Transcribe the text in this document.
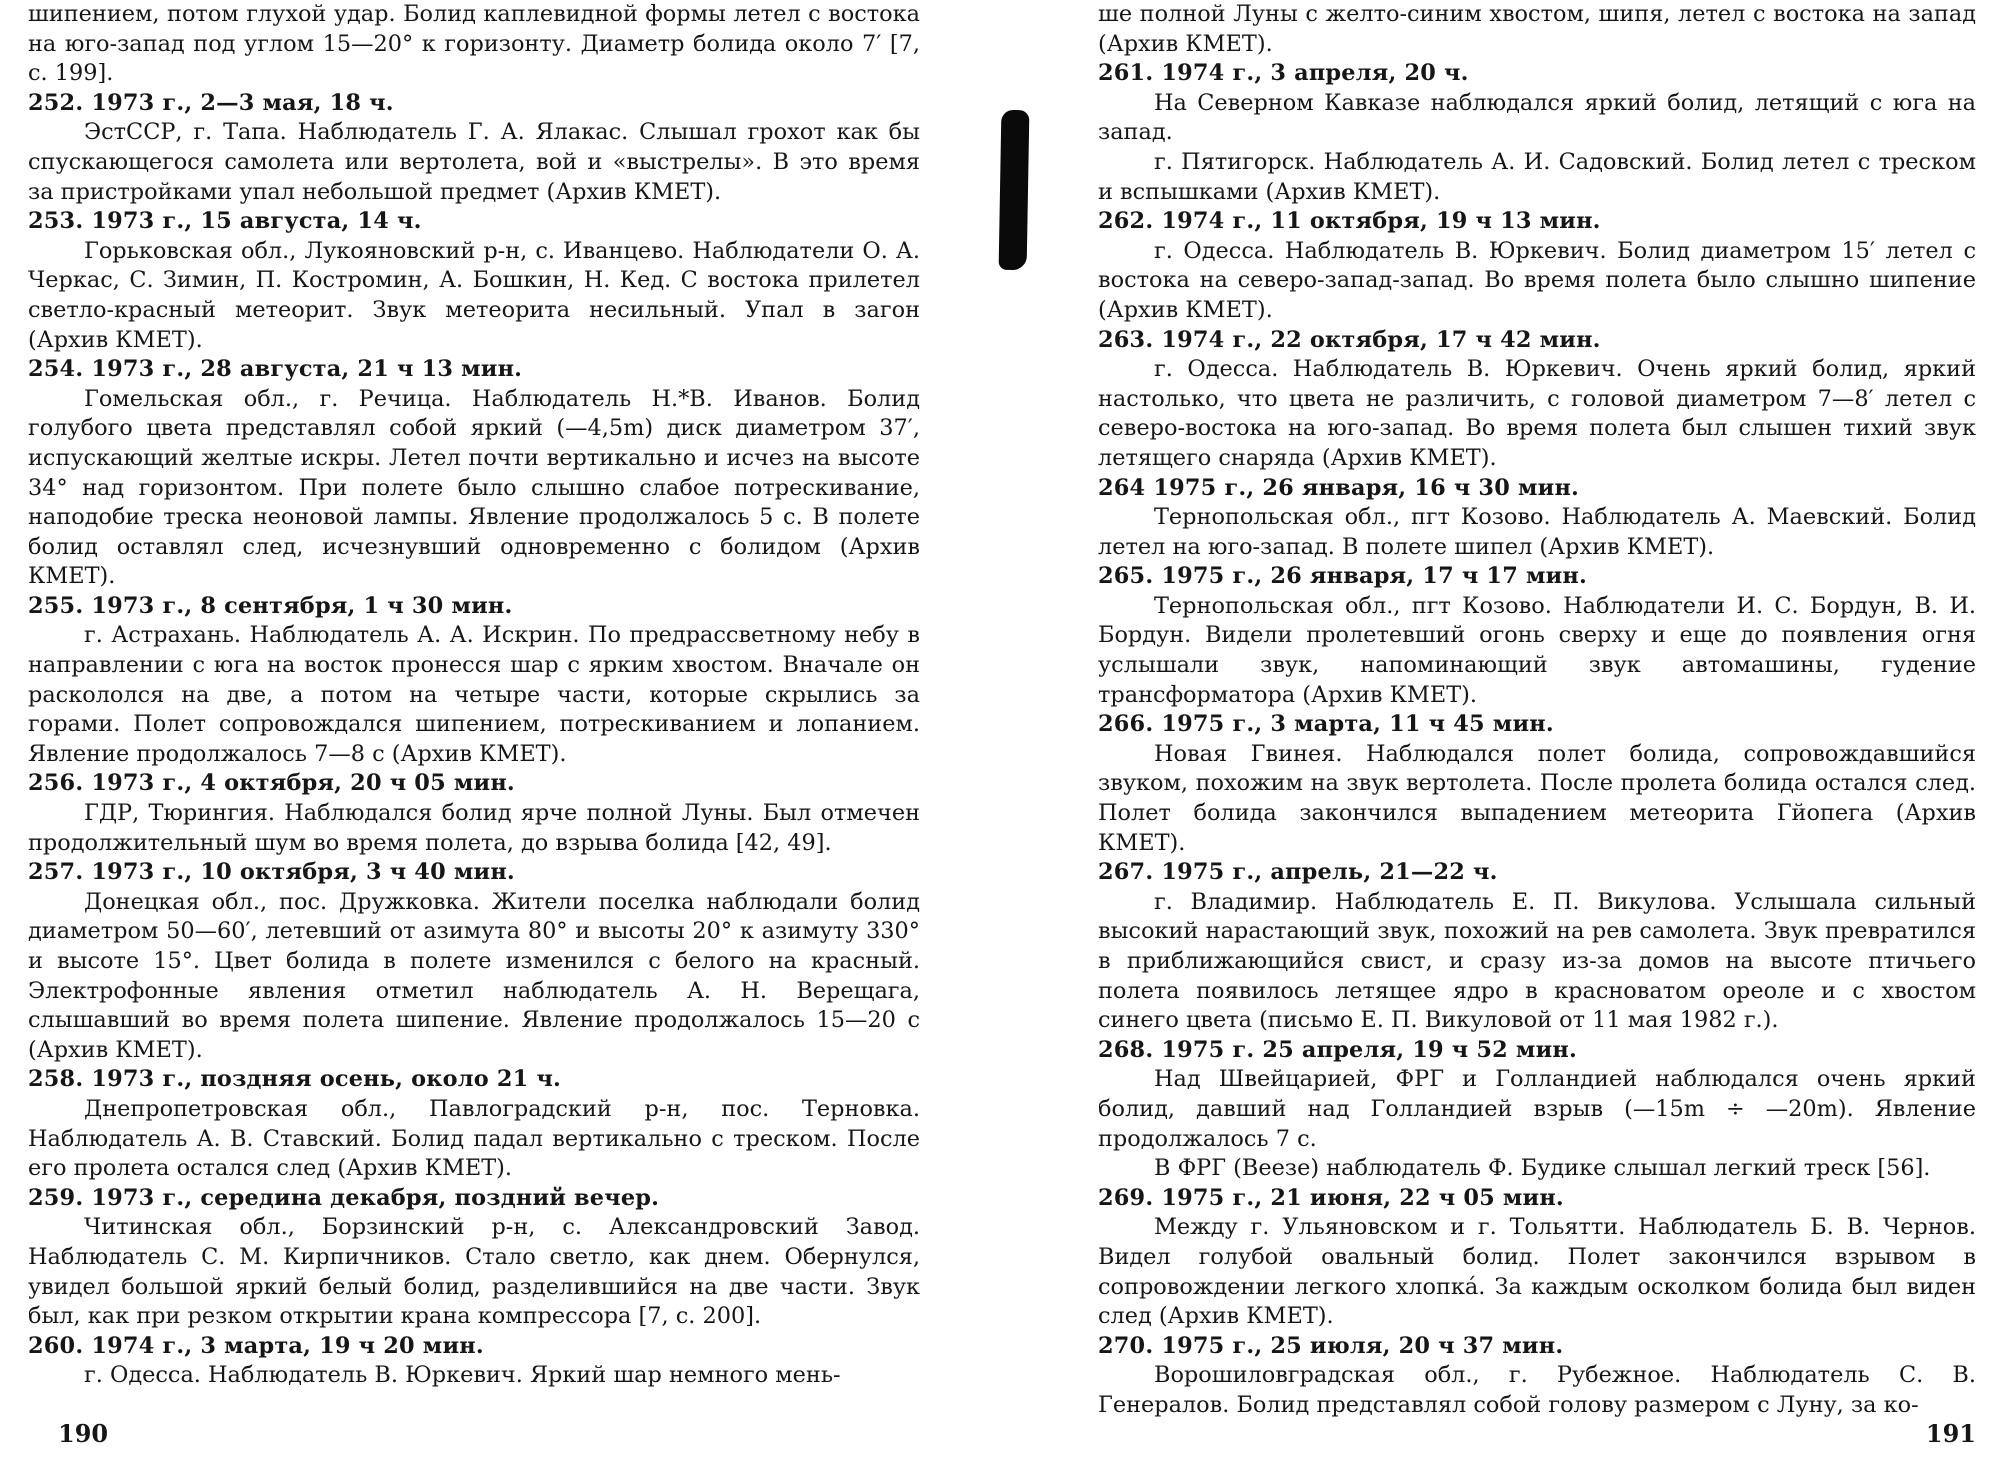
шипением, потом глухой удар. Болид каплевидной формы летел с востока на юго-запад под углом 15—20° к горизонту. Диаметр болида около 7′ [7, с. 199].

252. 1973 г., 2—3 мая, 18 ч.

ЭстССР, г. Тапа. Наблюдатель Г. А. Ялакас. Слышал грохот как бы спускающегося самолета или вертолета, вой и «выстрелы». В это время за пристройками упал небольшой предмет (Архив КМЕТ).

253. 1973 г., 15 августа, 14 ч.

Горьковская обл., Лукояновский р-н, с. Иванцево. Наблюдатели О. А. Черкас, С. Зимин, П. Костромин, А. Бошкин, Н. Кед. С востока прилетел светло-красный метеорит. Звук метеорита несильный. Упал в загон (Архив КМЕТ).

254. 1973 г., 28 августа, 21 ч 13 мин.

Гомельская обл., г. Речица. Наблюдатель Н.*В. Иванов. Болид голубого цвета представлял собой яркий (—4,5m) диск диаметром 37′, испускающий желтые искры. Летел почти вертикально и исчез на высоте 34° над горизонтом. При полете было слышно слабое потрескивание, наподобие треска неоновой лампы. Явление продолжалось 5 с. В полете болид оставлял след, исчезнувший одновременно с болидом (Архив КМЕТ).

255. 1973 г., 8 сентября, 1 ч 30 мин.

г. Астрахань. Наблюдатель А. А. Искрин. По предрассветному небу в направлении с юга на восток пронесся шар с ярким хвостом. Вначале он раскололся на две, а потом на четыре части, которые скрылись за горами. Полет сопровождался шипением, потрескиванием и лопанием. Явление продолжалось 7—8 с (Архив КМЕТ).

256. 1973 г., 4 октября, 20 ч 05 мин.

ГДР, Тюрингия. Наблюдался болид ярче полной Луны. Был отмечен продолжительный шум во время полета, до взрыва болида [42, 49].

257. 1973 г., 10 октября, 3 ч 40 мин.

Донецкая обл., пос. Дружковка. Жители поселка наблюдали болид диаметром 50—60′, летевший от азимута 80° и высоты 20° к азимуту 330° и высоте 15°. Цвет болида в полете изменился с белого на красный. Электрофонные явления отметил наблюдатель А. Н. Верещага, слышавший во время полета шипение. Явление продолжалось 15—20 с (Архив КМЕТ).

258. 1973 г., поздняя осень, около 21 ч.

Днепропетровская обл., Павлоградский р-н, пос. Терновка. Наблюдатель А. В. Ставский. Болид падал вертикально с треском. После его пролета остался след (Архив КМЕТ).

259. 1973 г., середина декабря, поздний вечер.

Читинская обл., Борзинский р-н, с. Александровский Завод. Наблюдатель С. М. Кирпичников. Стало светло, как днем. Обернулся, увидел большой яркий белый болид, разделившийся на две части. Звук был, как при резком открытии крана компрессора [7, с. 200].

260. 1974 г., 3 марта, 19 ч 20 мин.

г. Одесса. Наблюдатель В. Юркевич. Яркий шар немного мень-

190

ше полной Луны с желто-синим хвостом, шипя, летел с востока на запад (Архив КМЕТ).

261. 1974 г., 3 апреля, 20 ч.

На Северном Кавказе наблюдался яркий болид, летящий с юга на запад.

г. Пятигорск. Наблюдатель А. И. Садовский. Болид летел с треском и вспышками (Архив КМЕТ).

262. 1974 г., 11 октября, 19 ч 13 мин.

г. Одесса. Наблюдатель В. Юркевич. Болид диаметром 15′ летел с востока на северо-запад-запад. Во время полета было слышно шипение (Архив КМЕТ).

263. 1974 г., 22 октября, 17 ч 42 мин.

г. Одесса. Наблюдатель В. Юркевич. Очень яркий болид, яркий настолько, что цвета не различить, с головой диаметром 7—8′ летел с северо-востока на юго-запад. Во время полета был слышен тихий звук летящего снаряда (Архив КМЕТ).

264 1975 г., 26 января, 16 ч 30 мин.

Тернопольская обл., пгт Козово. Наблюдатель А. Маевский. Болид летел на юго-запад. В полете шипел (Архив КМЕТ).

265. 1975 г., 26 января, 17 ч 17 мин.

Тернопольская обл., пгт Козово. Наблюдатели И. С. Бордун, В. И. Бордун. Видели пролетевший огонь сверху и еще до появления огня услышали звук, напоминающий звук автомашины, гудение трансформатора (Архив КМЕТ).

266. 1975 г., 3 марта, 11 ч 45 мин.

Новая Гвинея. Наблюдался полет болида, сопровождавшийся звуком, похожим на звук вертолета. После пролета болида остался след. Полет болида закончился выпадением метеорита Гйопега (Архив КМЕТ).

267. 1975 г., апрель, 21—22 ч.

г. Владимир. Наблюдатель Е. П. Викулова. Услышала сильный высокий нарастающий звук, похожий на рев самолета. Звук превратился в приближающийся свист, и сразу из-за домов на высоте птичьего полета появилось летящее ядро в красноватом ореоле и с хвостом синего цвета (письмо Е. П. Викуловой от 11 мая 1982 г.).

268. 1975 г. 25 апреля, 19 ч 52 мин.

Над Швейцарией, ФРГ и Голландией наблюдался очень яркий болид, давший над Голландией взрыв (—15m ÷ —20m). Явление продолжалось 7 с.

В ФРГ (Веезе) наблюдатель Ф. Будике слышал легкий треск [56].

269. 1975 г., 21 июня, 22 ч 05 мин.

Между г. Ульяновском и г. Тольятти. Наблюдатель Б. В. Чернов. Видел голубой овальный болид. Полет закончился взрывом в сопровождении легкого хлопка́. За каждым осколком болида был виден след (Архив КМЕТ).

270. 1975 г., 25 июля, 20 ч 37 мин.

Ворошиловградская обл., г. Рубежное. Наблюдатель С. В. Генералов. Болид представлял собой голову размером с Луну, за ко-

191
